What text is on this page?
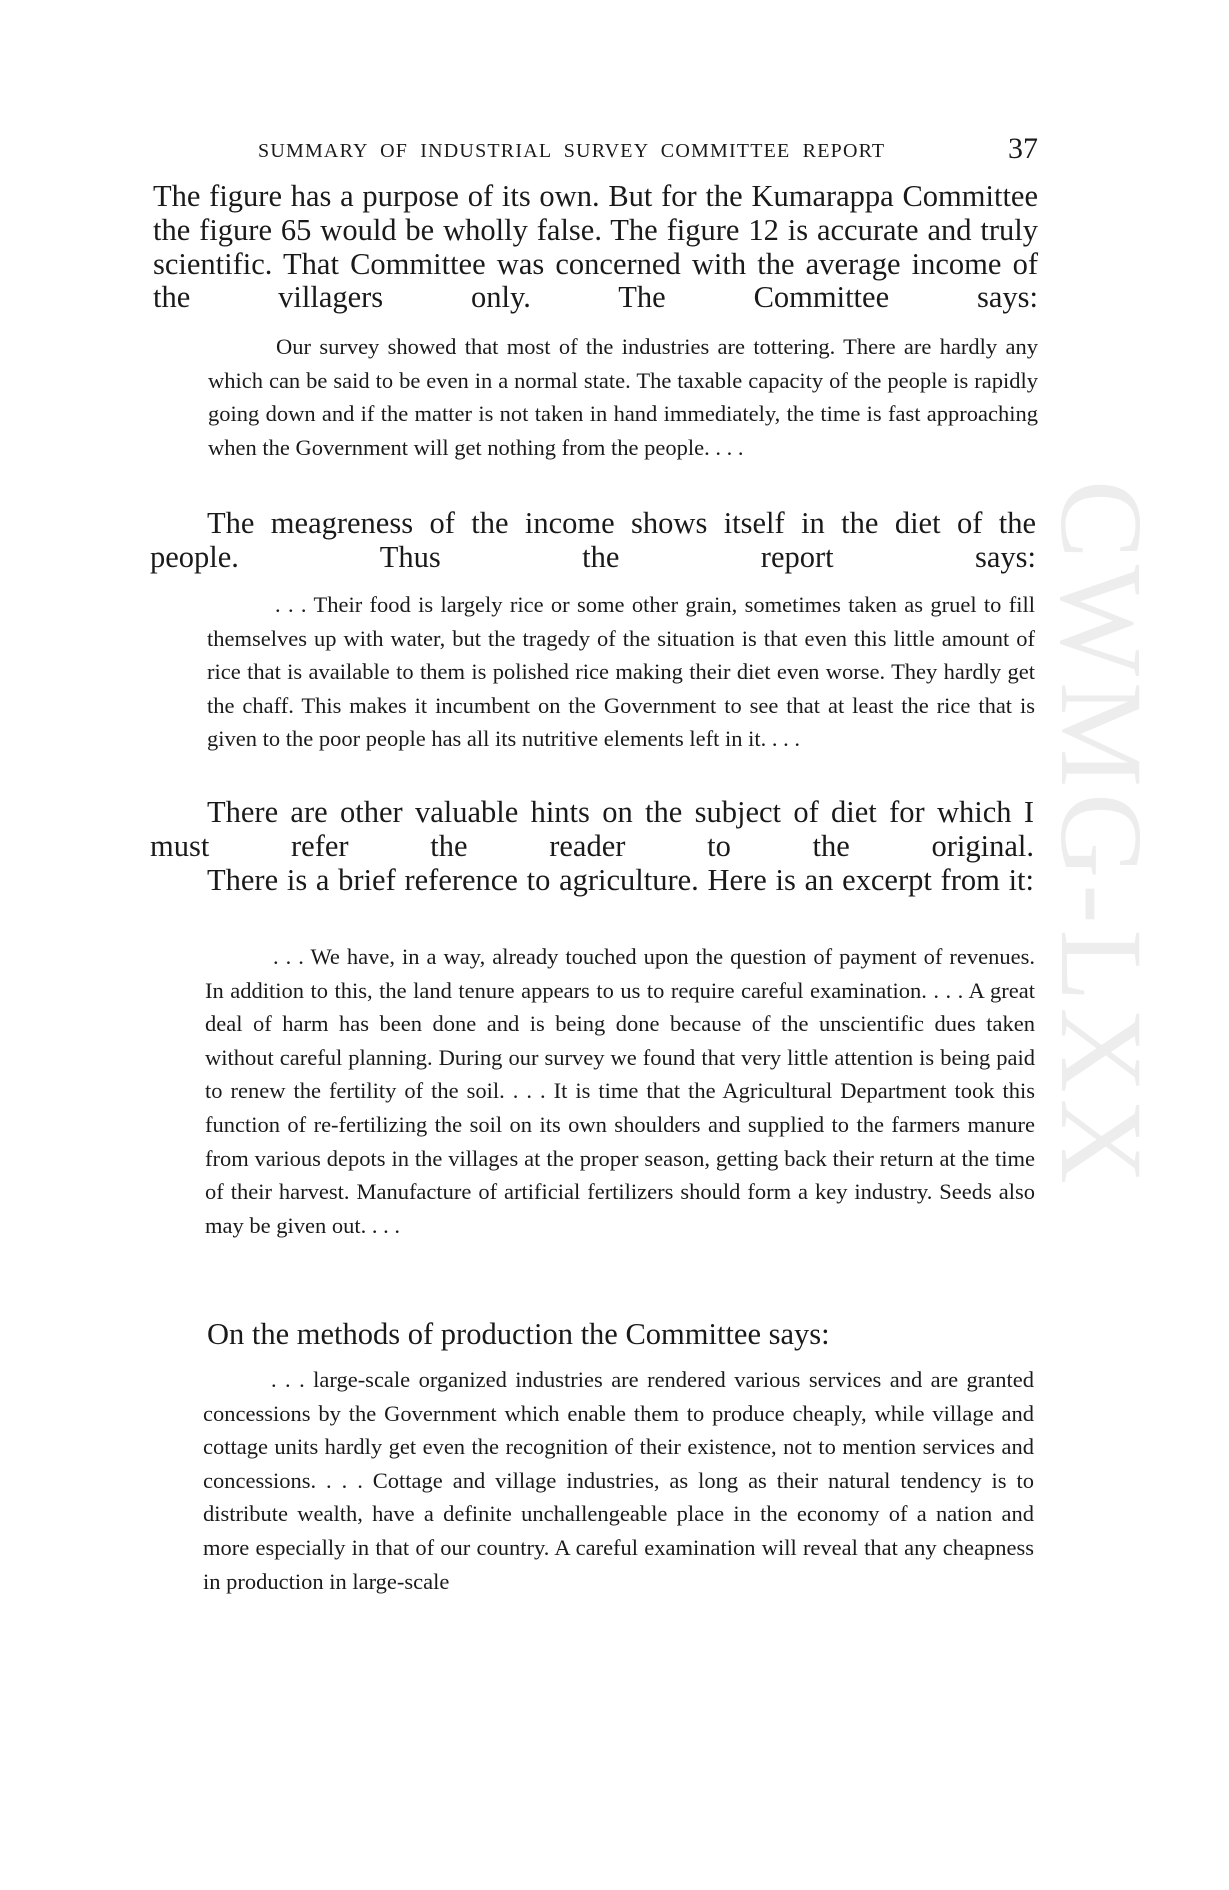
CWMG-LXX
SUMMARY OF INDUSTRIAL SURVEY COMMITTEE REPORT	37
The figure has a purpose of its own. But for the Kumarappa Committee the figure 65 would be wholly false. The figure 12 is accurate and truly scientific. That Committee was concerned with the average income of the villagers only. The Committee says:
Our survey showed that most of the industries are tottering. There are hardly any which can be said to be even in a normal state. The taxable capacity of the people is rapidly going down and if the matter is not taken in hand immediately, the time is fast approaching when the Government will get nothing from the people. . . .
The meagreness of the income shows itself in the diet of the people. Thus the report says:
. . . Their food is largely rice or some other grain, sometimes taken as gruel to fill themselves up with water, but the tragedy of the situation is that even this little amount of rice that is available to them is polished rice making their diet even worse. They hardly get the chaff. This makes it incumbent on the Government to see that at least the rice that is given to the poor people has all its nutritive elements left in it. . . .
There are other valuable hints on the subject of diet for which I must refer the reader to the original.
There is a brief reference to agriculture. Here is an excerpt from it:
. . . We have, in a way, already touched upon the question of payment of revenues. In addition to this, the land tenure appears to us to require careful examination. . . . A great deal of harm has been done and is being done because of the unscientific dues taken without careful planning. During our survey we found that very little attention is being paid to renew the fertility of the soil. . . . It is time that the Agricultural Department took this function of re-fertilizing the soil on its own shoulders and supplied to the farmers manure from various depots in the villages at the proper season, getting back their return at the time of their harvest. Manufacture of artificial fertilizers should form a key industry. Seeds also may be given out. . . .
On the methods of production the Committee says:
. . . large-scale organized industries are rendered various services and are granted concessions by the Government which enable them to produce cheaply, while village and cottage units hardly get even the recognition of their existence, not to mention services and concessions. . . . Cottage and village industries, as long as their natural tendency is to distribute wealth, have a definite unchallengeable place in the economy of a nation and more especially in that of our country. A careful examination will reveal that any cheapness in production in large-scale
